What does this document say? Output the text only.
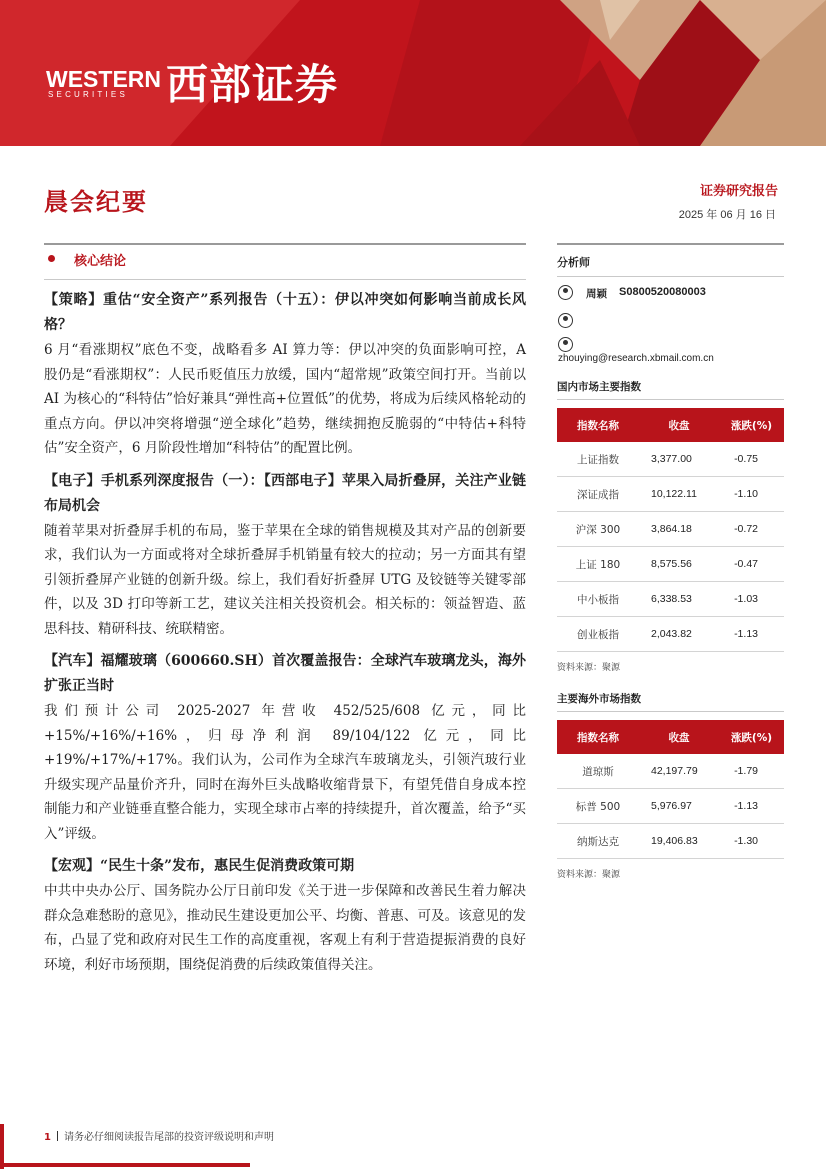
WESTERN
SECURITIES 西部证券
晨会纪要	证券研究报告
2025 年 06 月 16 日
核心结论

【策略】重估“安全资产”系列报告（十五）：伊以冲突如何影响当前成长风格？

6 月“看涨期权”底色不变，战略看多 AI 算力等：伊以冲突的负面影响可控，A 股仍是“看涨期权”：人民币贬值压力放缓，国内“超常规”政策空间打开。当前以 AI 为核心的“科特估”恰好兼具“弹性高+位置低”的优势，将成为后续风格轮动的重点方向。伊以冲突将增强“逆全球化”趋势，继续拥抱反脆弱的“中特估+科特估”安全资产，6 月阶段性增加“科特估”的配置比例。

【电子】手机系列深度报告（一）：【西部电子】苹果入局折叠屏，关注产业链布局机会

随着苹果对折叠屏手机的布局，鉴于苹果在全球的销售规模及其对产品的创新要求，我们认为一方面或将对全球折叠屏手机销量有较大的拉动；另一方面其有望引领折叠屏产业链的创新升级。综上，我们看好折叠屏 UTG 及铰链等关键零部件，以及 3D 打印等新工艺，建议关注相关投资机会。相关标的：领益智造、蓝思科技、精研科技、统联精密。

【汽车】福耀玻璃（600660.SH）首次覆盖报告：全球汽车玻璃龙头，海外扩张正当时

我们预计公司 2025-2027 年营收 452/525/608 亿元，同比+15%/+16%/+16%，归母净利润 89/104/122 亿元，同比+19%/+17%/+17%。我们认为，公司作为全球汽车玻璃龙头，引领汽玻行业升级实现产品量价齐升，同时在海外巨头战略收缩背景下，有望凭借自身成本控制能力和产业链垂直整合能力，实现全球市占率的持续提升，首次覆盖，给予“买入”评级。

【宏观】“民生十条”发布，惠民生促消费政策可期

中共中央办公厅、国务院办公厅日前印发《关于进一步保障和改善民生着力解决群众急难愁盼的意见》，推动民生建设更加公平、均衡、普惠、可及。该意见的发布，凸显了党和政府对民生工作的高度重视，客观上有利于营造提振消费的良好环境，利好市场预期，围绕促消费的后续政策值得关注。

分析师
周颖 S0800520080003
zhouying@research.xbmail.com.cn
国内市场主要指数
指数名称	收盘	涨跌(%)
上证指数	3,377.00	-0.75
深证成指	10,122.11	-1.10
沪深 300	3,864.18	-0.72
上证 180	8,575.56	-0.47
中小板指	6,338.53	-1.03
创业板指	2,043.82	-1.13
资料来源：聚源
主要海外市场指数
指数名称	收盘	涨跌(%)
道琼斯	42,197.79	-1.79
标普 500	5,976.97	-1.13
纳斯达克	19,406.83	-1.30
资料来源：聚源
1 请务必仔细阅读报告尾部的投资评级说明和声明
